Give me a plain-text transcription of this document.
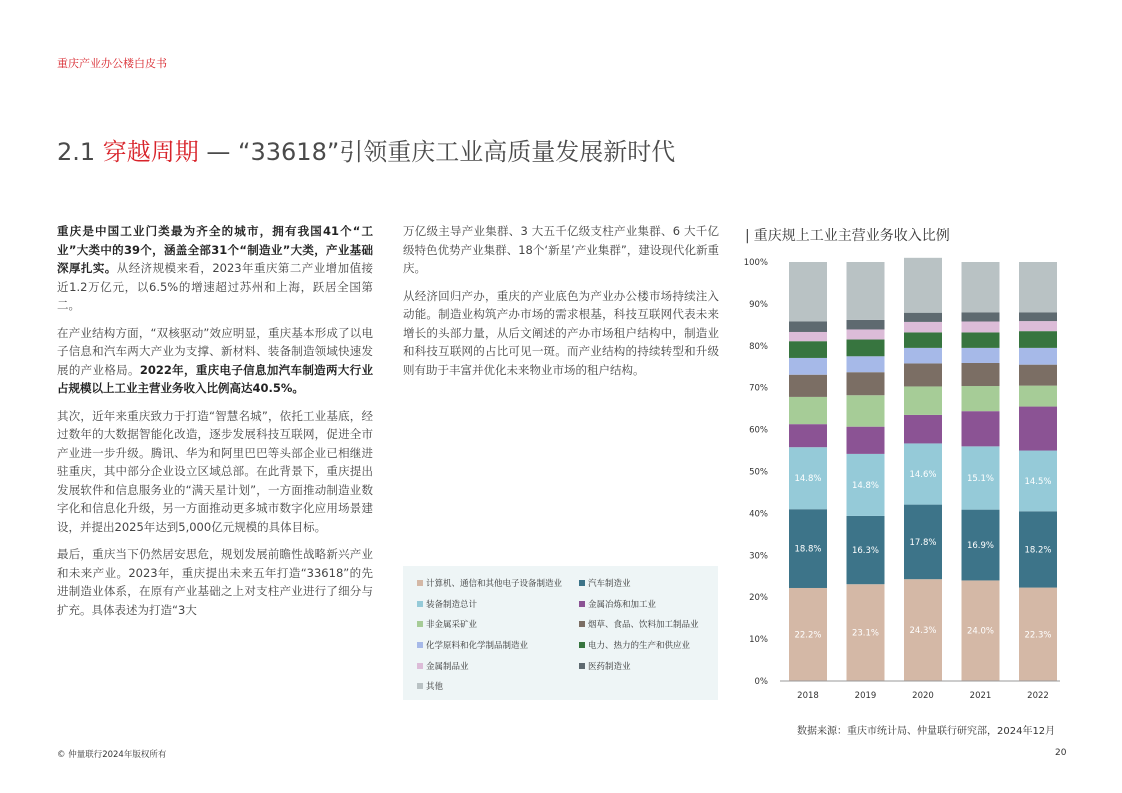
重庆产业办公楼白皮书
2.1 穿越周期 — “33618”引领重庆工业高质量发展新时代

重庆是中国工业门类最为齐全的城市，拥有我国41个“工业”大类中的39个，涵盖全部31个“制造业”大类，产业基础深厚扎实。从经济规模来看，2023年重庆第二产业增加值接近1.2万亿元，以6.5%的增速超过苏州和上海，跃居全国第二。

在产业结构方面，“双核驱动”效应明显，重庆基本形成了以电子信息和汽车两大产业为支撑、新材料、装备制造领域快速发展的产业格局。2022年，重庆电子信息加汽车制造两大行业占规模以上工业主营业务收入比例高达40.5%。

其次，近年来重庆致力于打造“智慧名城”，依托工业基底，经过数年的大数据智能化改造，逐步发展科技互联网，促进全市产业进一步升级。腾讯、华为和阿里巴巴等头部企业已相继进驻重庆，其中部分企业设立区域总部。在此背景下，重庆提出发展软件和信息服务业的“满天星计划”，一方面推动制造业数字化和信息化升级，另一方面推动更多城市数字化应用场景建设，并提出2025年达到5,000亿元规模的具体目标。

最后，重庆当下仍然居安思危，规划发展前瞻性战略新兴产业和未来产业。2023年，重庆提出未来五年打造“33618”的先进制造业体系，在原有产业基础之上对支柱产业进行了细分与扩充。具体表述为打造“3大

万亿级主导产业集群、3 大五千亿级支柱产业集群、6 大千亿级特色优势产业集群、18个‘新星’产业集群”，建设现代化新重庆。

从经济回归产办，重庆的产业底色为产业办公楼市场持续注入动能。制造业构筑产办市场的需求根基，科技互联网代表未来增长的头部力量，从后文阐述的产办市场租户结构中，制造业和科技互联网的占比可见一斑。而产业结构的持续转型和升级则有助于丰富并优化未来物业市场的租户结构。

计算机、通信和其他电子设备制造业	汽车制造业
装备制造总计	金属冶炼和加工业
非金属采矿业	烟草、食品、饮料加工制品业
化学原料和化学制品制造业	电力、热力的生产和供应业
金属制品业	医药制造业
其他
| 重庆规上工业主营业务收入比例
0%
10%
20%
30%
40%
50%
60%
70%
80%
90%
100%
22.2%
18.8%
14.8%
2018
23.1%
16.3%
14.8%
2019
24.3%
17.8%
14.6%
2020
24.0%
16.9%
15.1%
2021
22.3%
18.2%
14.5%
2022
数据来源：重庆市统计局、仲量联行研究部，2024年12月
© 仲量联行2024年版权所有	20
